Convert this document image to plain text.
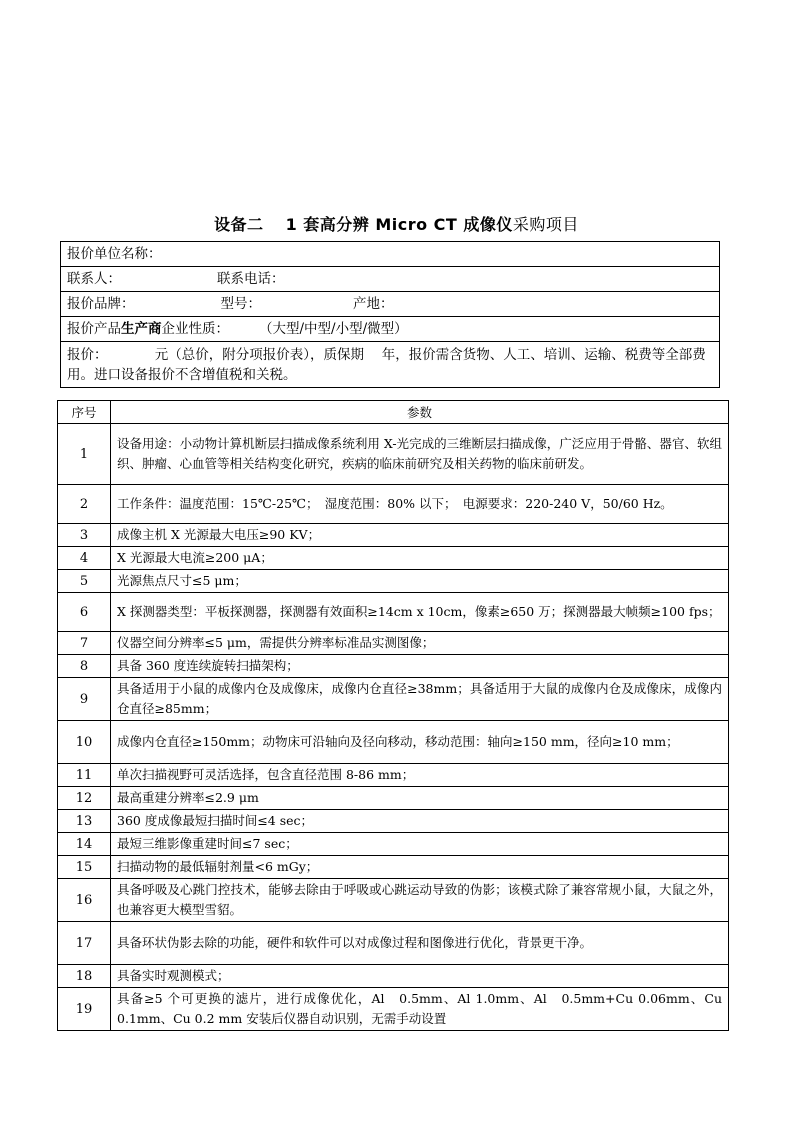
设备二 1 套高分辨 Micro CT 成像仪采购项目
报价单位名称：
联系人：	联系电话：
报价品牌：	型号：	产地：
报价产品生产商企业性质： （大型/中型/小型/微型）
报价：　　　　元（总价，附分项报价表），质保期　 年，报价需含货物、人工、培训、运输、税费等全部费用。进口设备报价不含增值税和关税。
序号	参数
1	设备用途：小动物计算机断层扫描成像系统利用 X-光完成的三维断层扫描成像，广泛应用于骨骼、器官、软组织、肿瘤、心血管等相关结构变化研究，疾病的临床前研究及相关药物的临床前研发。
2	工作条件：温度范围：15℃-25℃；　湿度范围：80% 以下；　电源要求：220-240 V，50/60 Hz。
3	成像主机 X 光源最大电压≥90 KV；
4	X 光源最大电流≥200 μA；
5	光源焦点尺寸≤5 μm；
6	X 探测器类型：平板探测器，探测器有效面积≥14cm x 10cm，像素≥650 万；探测器最大帧频≥100 fps；
7	仪器空间分辨率≤5 μm，需提供分辨率标准品实测图像；
8	具备 360 度连续旋转扫描架构；
9	具备适用于小鼠的成像内仓及成像床，成像内仓直径≥38mm；具备适用于大鼠的成像内仓及成像床，成像内仓直径≥85mm；
10	成像内仓直径≥150mm；动物床可沿轴向及径向移动，移动范围：轴向≥150 mm，径向≥10 mm；
11	单次扫描视野可灵活选择，包含直径范围 8-86 mm；
12	最高重建分辨率≤2.9 μm
13	360 度成像最短扫描时间≤4 sec；
14	最短三维影像重建时间≤7 sec；
15	扫描动物的最低辐射剂量<6 mGy；
16	具备呼吸及心跳门控技术，能够去除由于呼吸或心跳运动导致的伪影；该模式除了兼容常规小鼠，大鼠之外，也兼容更大模型雪貂。
17	具备环状伪影去除的功能，硬件和软件可以对成像过程和图像进行优化，背景更干净。
18	具备实时观测模式；
19	具备≥5 个可更换的滤片，进行成像优化，Al　0.5mm、Al 1.0mm、Al　0.5mm+Cu 0.06mm、Cu 0.1mm、Cu 0.2 mm 安装后仪器自动识别，无需手动设置
